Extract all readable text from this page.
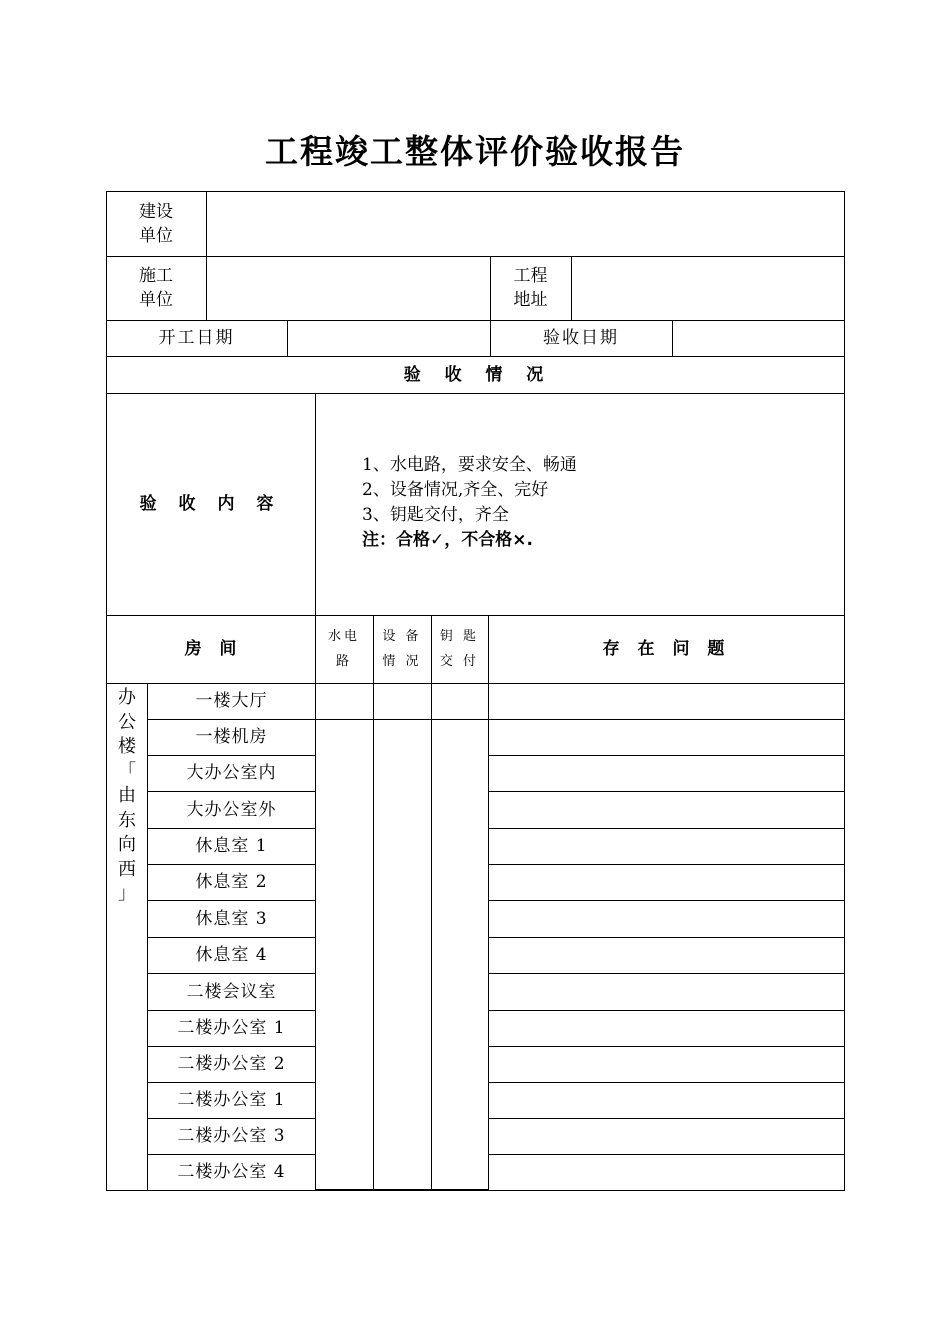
工程竣工整体评价验收报告
建设
单位
施工
单位
工程
地址
开工日期	验收日期
验  收  情  况
验 收 内 容
1、水电路，要求安全、畅通
2、设备情况,齐全、完好
3、钥匙交付，齐全
注：合格✓，不合格×.
房   间
水电
路
设 备
情 况
钥 匙
交 付
存 在 问 题
办
公
楼
「
由
东
向
西
」
一楼大厅
一楼机房
大办公室内
大办公室外
休息室 1
休息室 2
休息室 3
休息室 4
二楼会议室
二楼办公室 1
二楼办公室 2
二楼办公室 1
二楼办公室 3
二楼办公室 4
